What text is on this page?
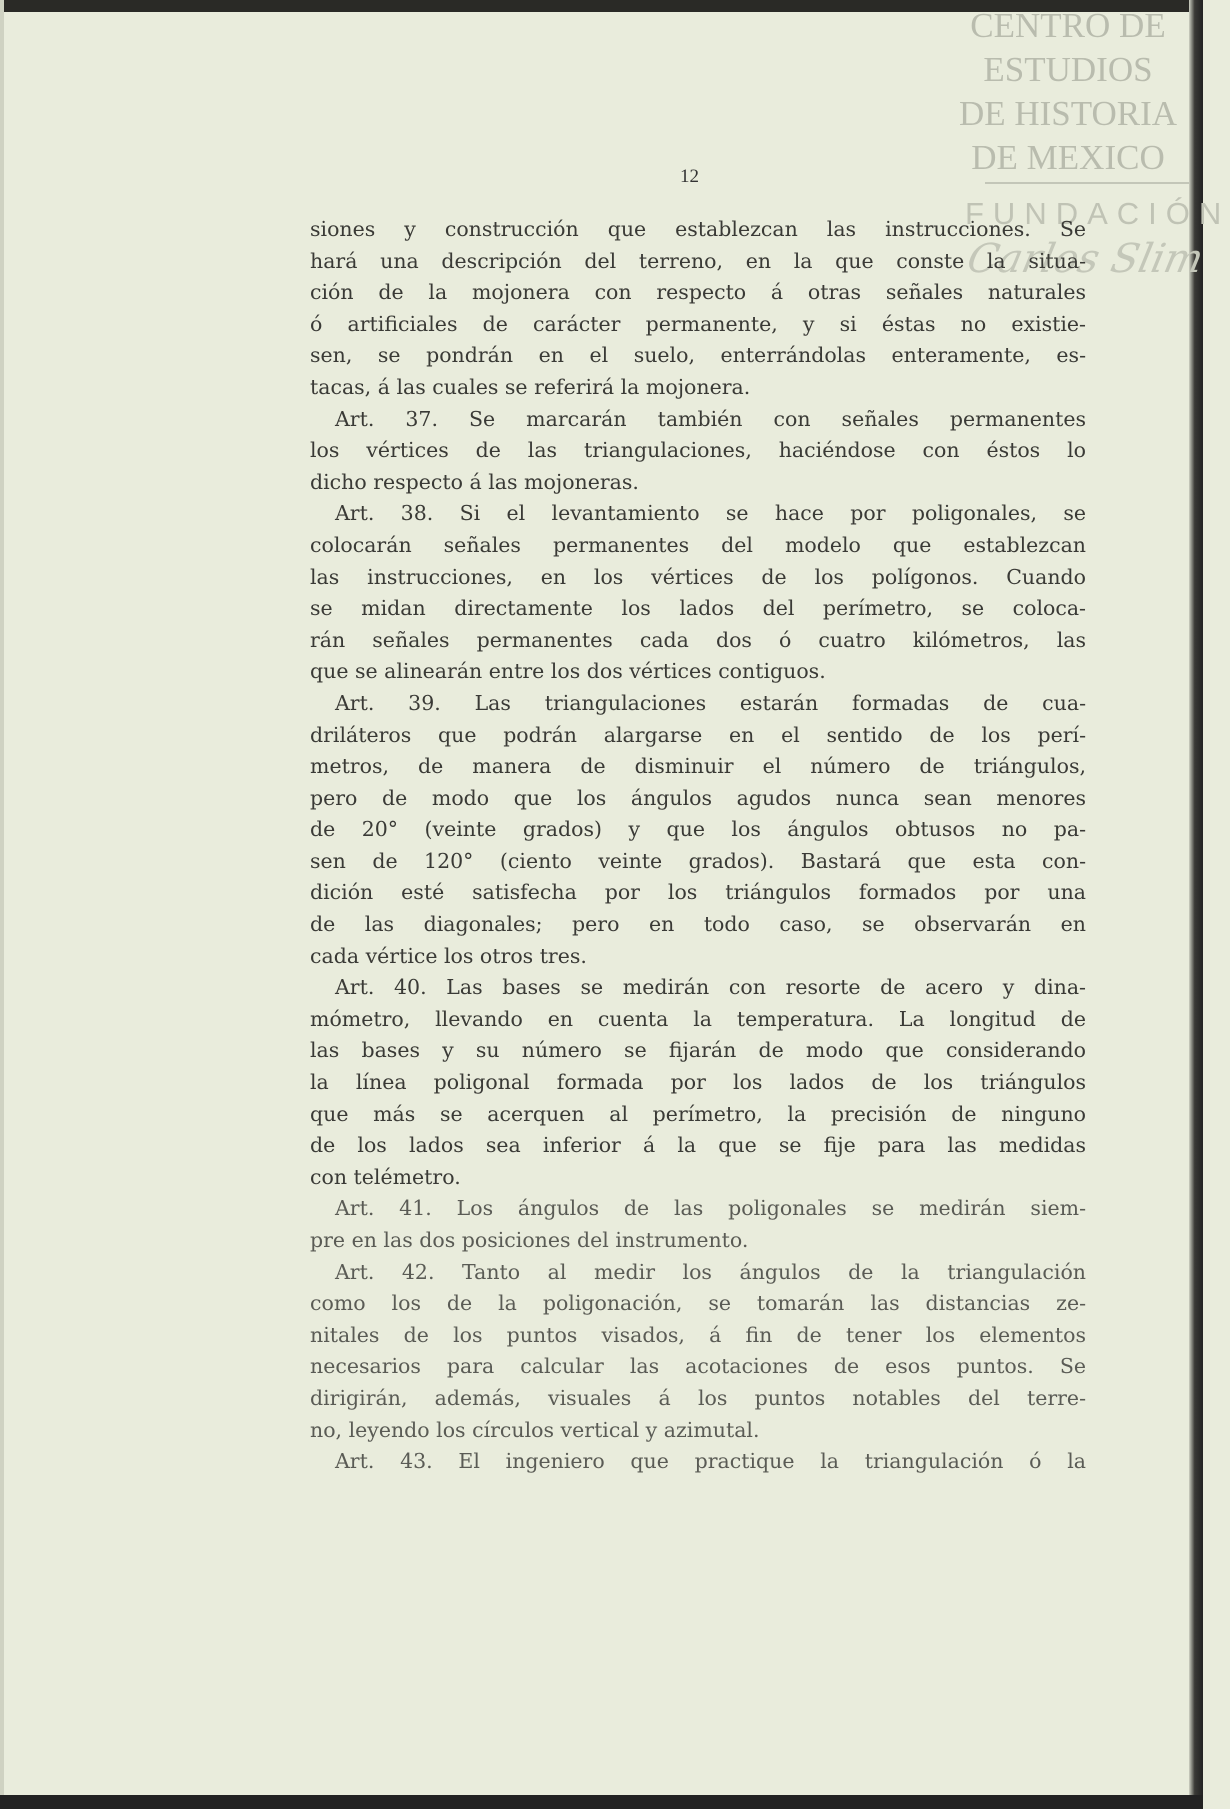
CENTRO DE
ESTUDIOS
DE HISTORIA
DE MEXICO
FUNDACIÓN
Carlos Slim
12
siones y construcción que establezcan las instrucciones. Se
hará una descripción del terreno, en la que conste la situa-
ción de la mojonera con respecto á otras señales naturales
ó artificiales de carácter permanente, y si éstas no existie-
sen, se pondrán en el suelo, enterrándolas enteramente, es-
tacas, á las cuales se referirá la mojonera.
Art. 37. Se marcarán también con señales permanentes
los vértices de las triangulaciones, haciéndose con éstos lo
dicho respecto á las mojoneras.
Art. 38. Si el levantamiento se hace por poligonales, se
colocarán señales permanentes del modelo que establezcan
las instrucciones, en los vértices de los polígonos. Cuando
se midan directamente los lados del perímetro, se coloca-
rán señales permanentes cada dos ó cuatro kilómetros, las
que se alinearán entre los dos vértices contiguos.
Art. 39. Las triangulaciones estarán formadas de cua-
driláteros que podrán alargarse en el sentido de los perí-
metros, de manera de disminuir el número de triángulos,
pero de modo que los ángulos agudos nunca sean menores
de 20° (veinte grados) y que los ángulos obtusos no pa-
sen de 120° (ciento veinte grados). Bastará que esta con-
dición esté satisfecha por los triángulos formados por una
de las diagonales; pero en todo caso, se observarán en
cada vértice los otros tres.
Art. 40. Las bases se medirán con resorte de acero y dina-
mómetro, llevando en cuenta la temperatura. La longitud de
las bases y su número se fijarán de modo que considerando
la línea poligonal formada por los lados de los triángulos
que más se acerquen al perímetro, la precisión de ninguno
de los lados sea inferior á la que se fije para las medidas
con telémetro.
Art. 41. Los ángulos de las poligonales se medirán siem-
pre en las dos posiciones del instrumento.
Art. 42. Tanto al medir los ángulos de la triangulación
como los de la poligonación, se tomarán las distancias ze-
nitales de los puntos visados, á fin de tener los elementos
necesarios para calcular las acotaciones de esos puntos. Se
dirigirán, además, visuales á los puntos notables del terre-
no, leyendo los círculos vertical y azimutal.
Art. 43. El ingeniero que practique la triangulación ó la
